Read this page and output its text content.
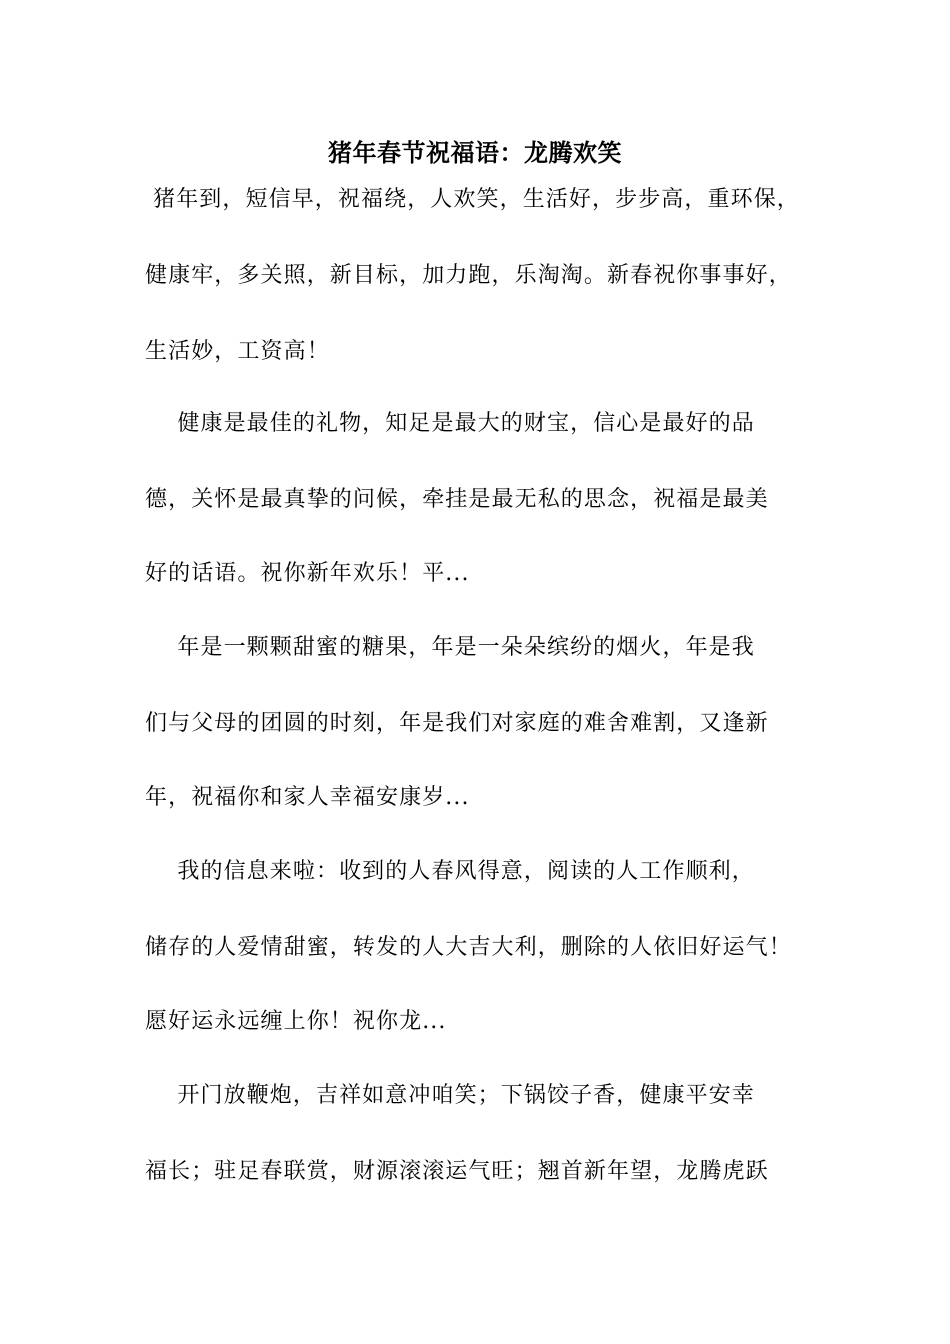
猪年春节祝福语：龙腾欢笑
猪年到，短信早，祝福绕，人欢笑，生活好，步步高，重环保，
健康牢，多关照，新目标，加力跑，乐淘淘。新春祝你事事好，
生活妙，工资高！
健康是最佳的礼物，知足是最大的财宝，信心是最好的品
德，关怀是最真挚的问候，牵挂是最无私的思念，祝福是最美
好的话语。祝你新年欢乐！平...
年是一颗颗甜蜜的糖果，年是一朵朵缤纷的烟火，年是我
们与父母的团圆的时刻，年是我们对家庭的难舍难割，又逢新
年，祝福你和家人幸福安康岁...
我的信息来啦：收到的人春风得意，阅读的人工作顺利，
储存的人爱情甜蜜，转发的人大吉大利，删除的人依旧好运气！
愿好运永远缠上你！祝你龙...
开门放鞭炮，吉祥如意冲咱笑；下锅饺子香，健康平安幸
福长；驻足春联赏，财源滚滚运气旺；翘首新年望，龙腾虎跃
